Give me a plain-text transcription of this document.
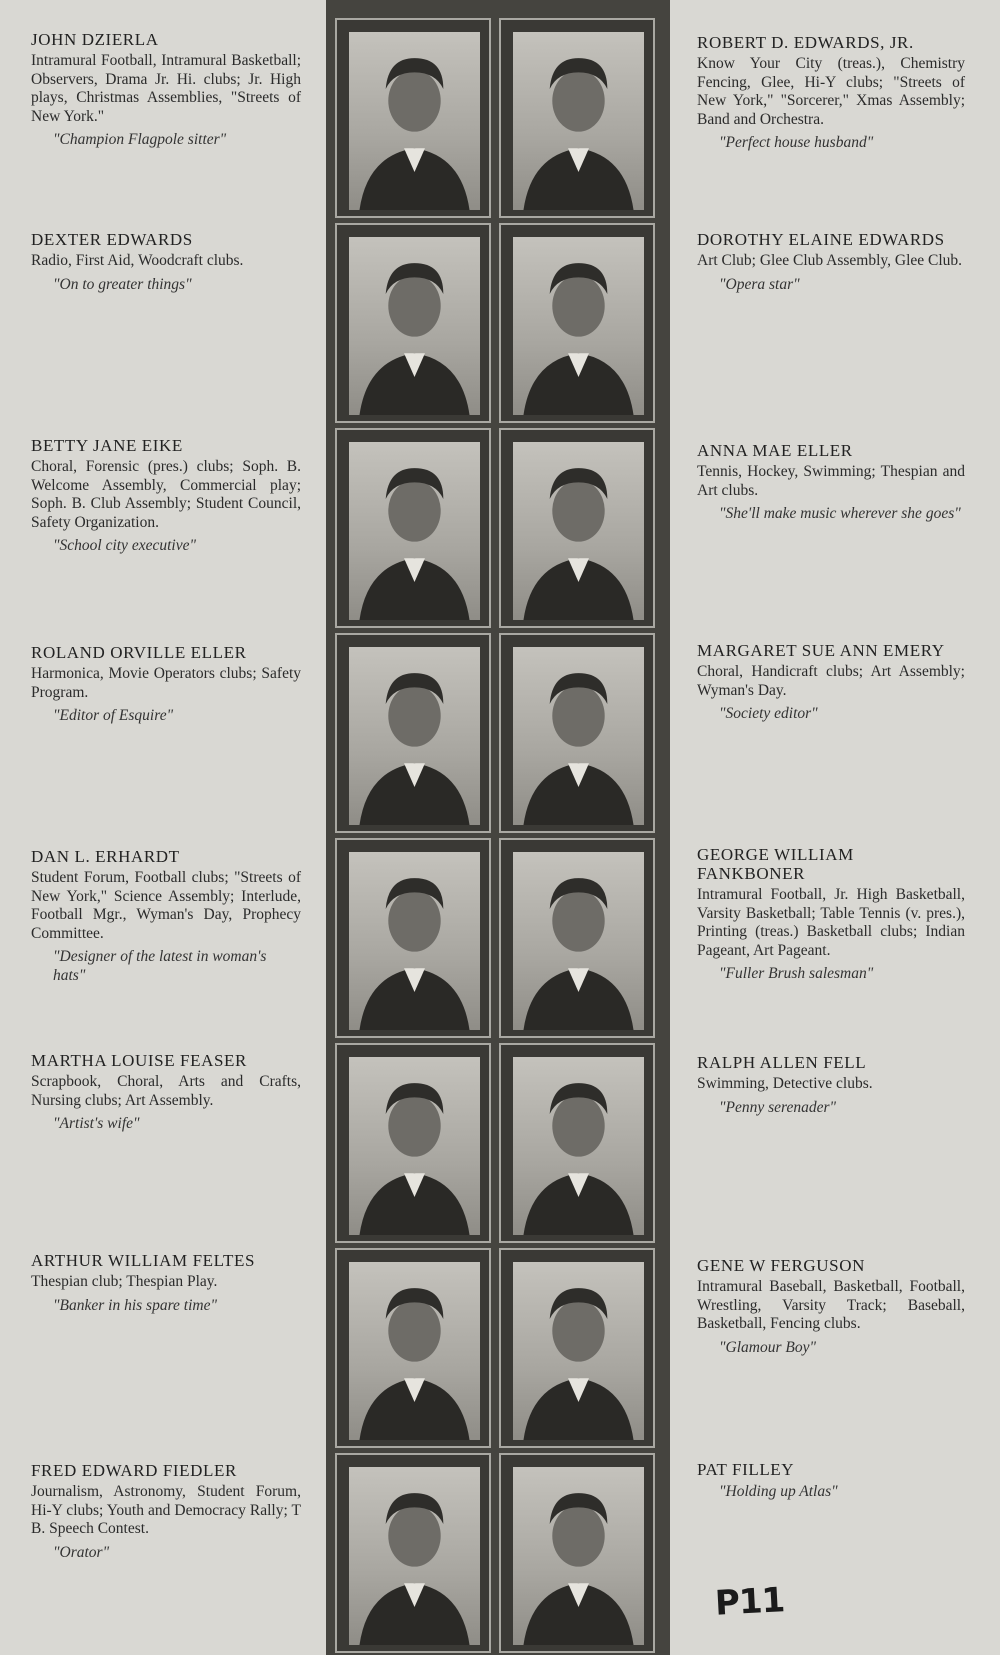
JOHN DZIERLA

Intramural Football, Intramural Basketball; Observers, Drama Jr. Hi. clubs; Jr. High plays, Christmas Assemblies, "Streets of New York."

"Champion Flagpole sitter"

DEXTER EDWARDS

Radio, First Aid, Woodcraft clubs.

"On to greater things"

BETTY JANE EIKE

Choral, Forensic (pres.) clubs; Soph. B. Welcome Assembly, Commercial play; Soph. B. Club Assembly; Student Council, Safety Organization.

"School city executive"

ROLAND ORVILLE ELLER

Harmonica, Movie Operators clubs; Safety Program.

"Editor of Esquire"

DAN L. ERHARDT

Student Forum, Football clubs; "Streets of New York," Science Assembly; Interlude, Football Mgr., Wyman's Day, Prophecy Committee.

"Designer of the latest in woman's hats"

MARTHA LOUISE FEASER

Scrapbook, Choral, Arts and Crafts, Nursing clubs; Art Assembly.

"Artist's wife"

ARTHUR WILLIAM FELTES

Thespian club; Thespian Play.

"Banker in his spare time"

FRED EDWARD FIEDLER

Journalism, Astronomy, Student Forum, Hi-Y clubs; Youth and Democracy Rally; T B. Speech Contest.

"Orator"

ROBERT D. EDWARDS, JR.

Know Your City (treas.), Chemistry Fencing, Glee, Hi-Y clubs; "Streets of New York," "Sorcerer," Xmas Assembly; Band and Orchestra.

"Perfect house husband"

DOROTHY ELAINE EDWARDS

Art Club; Glee Club Assembly, Glee Club.

"Opera star"

ANNA MAE ELLER

Tennis, Hockey, Swimming; Thespian and Art clubs.

"She'll make music wherever she goes"

MARGARET SUE ANN EMERY

Choral, Handicraft clubs; Art Assembly; Wyman's Day.

"Society editor"

GEORGE WILLIAM FANKBONER

Intramural Football, Jr. High Basketball, Varsity Basketball; Table Tennis (v. pres.), Printing (treas.) Basketball clubs; Indian Pageant, Art Pageant.

"Fuller Brush salesman"

RALPH ALLEN FELL

Swimming, Detective clubs.

"Penny serenader"

GENE W FERGUSON

Intramural Baseball, Basketball, Football, Wrestling, Varsity Track; Baseball, Basketball, Fencing clubs.

"Glamour Boy"

PAT FILLEY

"Holding up Atlas"

P11
